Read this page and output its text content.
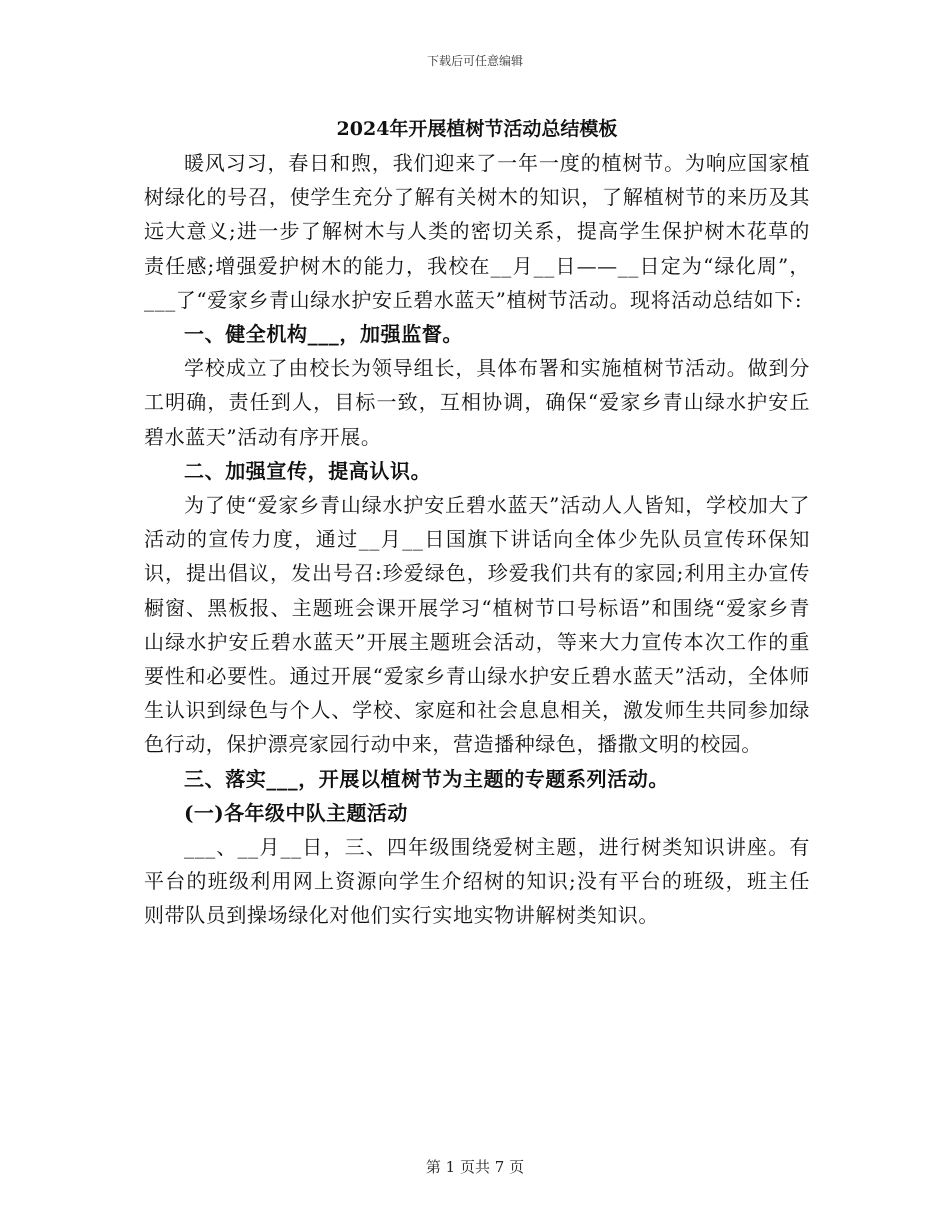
下载后可任意编辑
2024年开展植树节活动总结模板

暖风习习，春日和煦，我们迎来了一年一度的植树节。为响应国家植树绿化的号召，使学生充分了解有关树木的知识，了解植树节的来历及其远大意义;进一步了解树木与人类的密切关系，提高学生保护树木花草的责任感;增强爱护树木的能力，我校在__月__日——__日定为“绿化周”，___了“爱家乡青山绿水护安丘碧水蓝天”植树节活动。现将活动总结如下:

一、健全机构___，加强监督。

学校成立了由校长为领导组长，具体布署和实施植树节活动。做到分工明确，责任到人，目标一致，互相协调，确保“爱家乡青山绿水护安丘碧水蓝天”活动有序开展。

二、加强宣传，提高认识。

为了使“爱家乡青山绿水护安丘碧水蓝天”活动人人皆知，学校加大了活动的宣传力度，通过__月__日国旗下讲话向全体少先队员宣传环保知识，提出倡议，发出号召:珍爱绿色，珍爱我们共有的家园;利用主办宣传橱窗、黑板报、主题班会课开展学习“植树节口号标语”和围绕“爱家乡青山绿水护安丘碧水蓝天”开展主题班会活动，等来大力宣传本次工作的重要性和必要性。通过开展“爱家乡青山绿水护安丘碧水蓝天”活动，全体师生认识到绿色与个人、学校、家庭和社会息息相关，激发师生共同参加绿色行动，保护漂亮家园行动中来，营造播种绿色，播撒文明的校园。

三、落实___，开展以植树节为主题的专题系列活动。

(一)各年级中队主题活动

___、__月__日，三、四年级围绕爱树主题，进行树类知识讲座。有平台的班级利用网上资源向学生介绍树的知识;没有平台的班级，班主任则带队员到操场绿化对他们实行实地实物讲解树类知识。

第 1 页共 7 页
